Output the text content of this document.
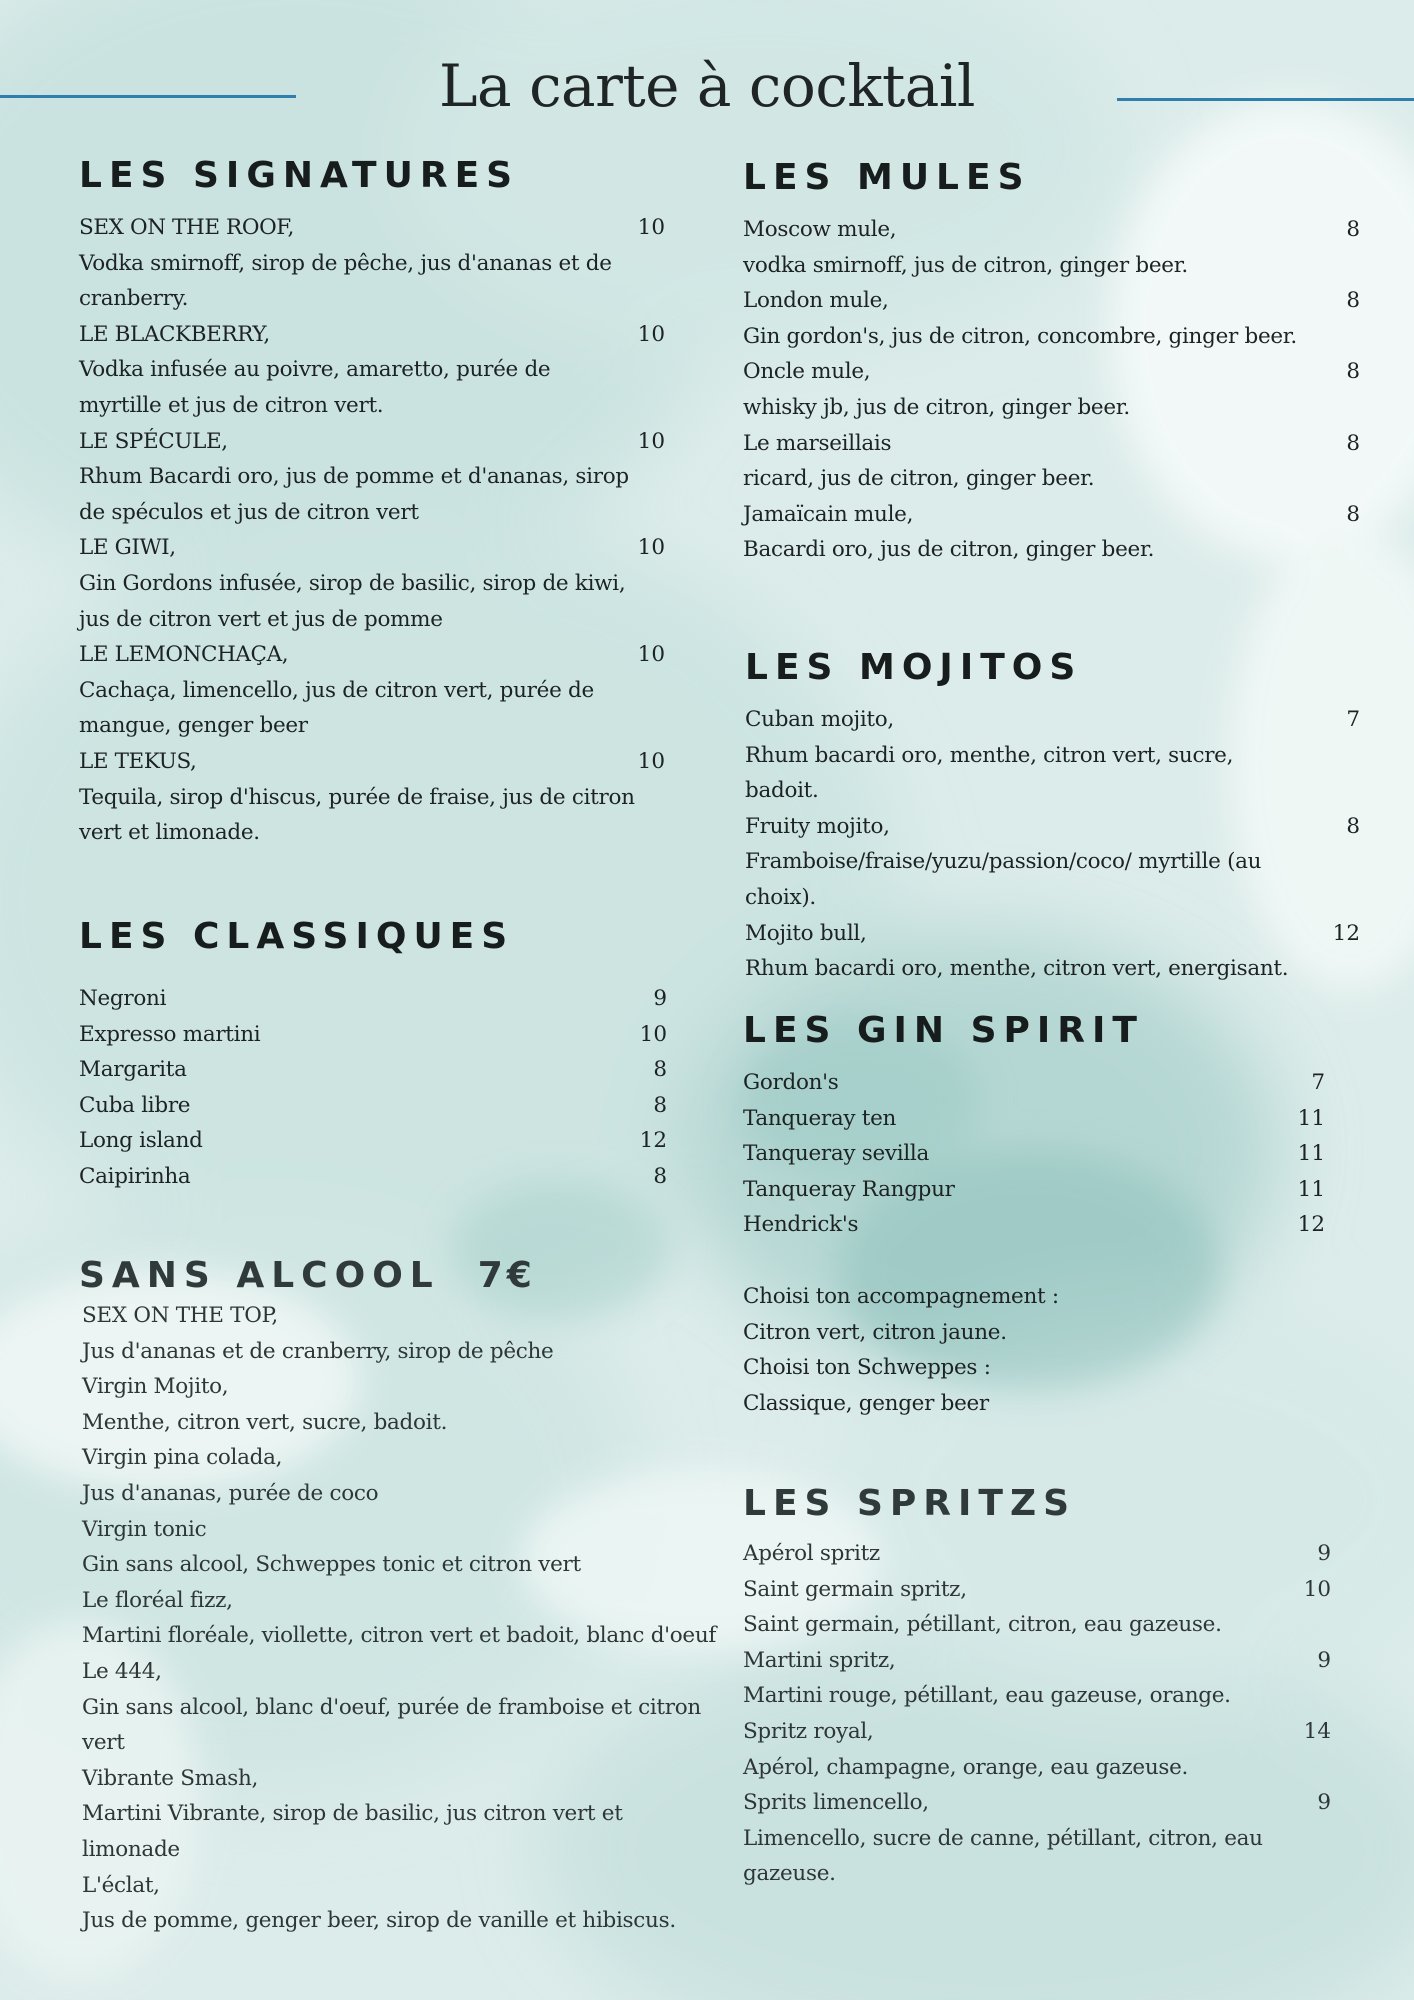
La carte à cocktail
LES SIGNATURES
SEX ON THE ROOF,	10
Vodka smirnoff, sirop de pêche, jus d'ananas et de cranberry.
LE BLACKBERRY,	10
Vodka infusée au poivre, amaretto, purée de myrtille et jus de citron vert.
LE SPÉCULE,	10
Rhum Bacardi oro, jus de pomme et d'ananas, sirop de spéculos et jus de citron vert
LE GIWI,	10
Gin Gordons infusée, sirop de basilic, sirop de kiwi, jus de citron vert et jus de pomme
LE LEMONCHAÇA,	10
Cachaça, limencello, jus de citron vert, purée de mangue, genger beer
LE TEKUS,	10
Tequila, sirop d'hiscus, purée de fraise, jus de citron vert et limonade.
LES CLASSIQUES
Negroni	9
Expresso martini	10
Margarita	8
Cuba libre	8
Long island	12
Caipirinha	8
SANS ALCOOL 7€
SEX ON THE TOP,
Jus d'ananas et de cranberry, sirop de pêche
Virgin Mojito,
Menthe, citron vert, sucre, badoit.
Virgin pina colada,
Jus d'ananas, purée de coco
Virgin tonic
Gin sans alcool, Schweppes tonic et citron vert
Le floréal fizz,
Martini floréale, viollette, citron vert et badoit, blanc d'oeuf
Le 444,
Gin sans alcool, blanc d'oeuf, purée de framboise et citron vert
Vibrante Smash,
Martini Vibrante, sirop de basilic, jus citron vert et limonade
L'éclat,
Jus de pomme, genger beer, sirop de vanille et hibiscus.
LES MULES
Moscow mule,	8
vodka smirnoff, jus de citron, ginger beer.
London mule,	8
Gin gordon's, jus de citron, concombre, ginger beer.
Oncle mule,	8
whisky jb, jus de citron, ginger beer.
Le marseillais	8
ricard, jus de citron, ginger beer.
Jamaïcain mule,	8
Bacardi oro, jus de citron, ginger beer.
LES MOJITOS
Cuban mojito,	7
Rhum bacardi oro, menthe, citron vert, sucre, badoit.
Fruity mojito,	8
Framboise/fraise/yuzu/passion/coco/ myrtille (au choix).
Mojito bull,	12
Rhum bacardi oro, menthe, citron vert, energisant.
LES GIN SPIRIT
Gordon's	7
Tanqueray ten	11
Tanqueray sevilla	11
Tanqueray Rangpur	11
Hendrick's	12
Choisi ton accompagnement :
Citron vert, citron jaune.
Choisi ton Schweppes :
Classique, genger beer
LES SPRITZS
Apérol spritz	9
Saint germain spritz,	10
Saint germain, pétillant, citron, eau gazeuse.
Martini spritz,	9
Martini rouge, pétillant, eau gazeuse, orange.
Spritz royal,	14
Apérol, champagne, orange, eau gazeuse.
Sprits limencello,	9
Limencello, sucre de canne, pétillant, citron, eau gazeuse.
